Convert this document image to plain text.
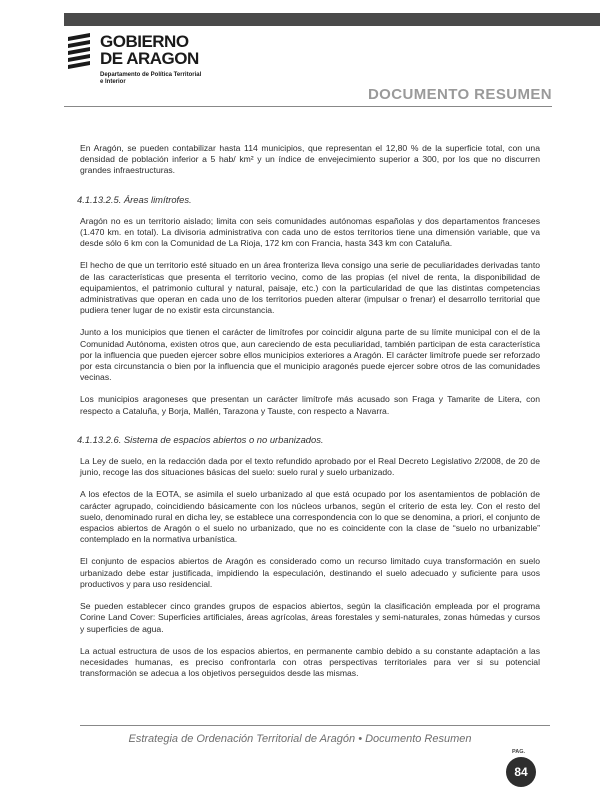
GOBIERNO
DE ARAGON
Departamento de Política Territorial
e Interior
DOCUMENTO RESUMEN

En Aragón, se pueden contabilizar hasta 114 municipios, que representan el 12,80 % de la superficie total, con una densidad de población inferior a 5 hab/ km² y un índice de envejecimiento superior a 300, por los que no discurren grandes infraestructuras.

4.1.13.2.5. Áreas limítrofes.

Aragón no es un territorio aislado; limita con seis comunidades autónomas españolas y dos departamentos franceses (1.470 km. en total). La divisoria administrativa con cada uno de estos territorios tiene una dimensión variable, que va desde sólo 6 km con la Comunidad de La Rioja, 172 km con Francia, hasta 343 km con Cataluña.

El hecho de que un territorio esté situado en un área fronteriza lleva consigo una serie de peculiaridades derivadas tanto de las características que presenta el territorio vecino, como de las propias (el nivel de renta, la disponibilidad de equipamientos, el patrimonio cultural y natural, paisaje, etc.) con la particularidad de que las distintas competencias administrativas que operan en cada uno de los territorios pueden alterar (impulsar o frenar) el desarrollo territorial que pudiera tener lugar de no existir esta circunstancia.

Junto a los municipios que tienen el carácter de limítrofes por coincidir alguna parte de su límite municipal con el de la Comunidad Autónoma, existen otros que, aun careciendo de esta peculiaridad, también participan de esta característica por la influencia que pueden ejercer sobre ellos municipios exteriores a Aragón. El carácter limítrofe puede ser reforzado por esta circunstancia o bien por la influencia que el municipio aragonés puede ejercer sobre otros de las comunidades vecinas.

Los municipios aragoneses que presentan un carácter limítrofe más acusado son Fraga y Tamarite de Litera, con respecto a Cataluña, y Borja, Mallén, Tarazona y Tauste, con respecto a Navarra.

4.1.13.2.6. Sistema de espacios abiertos o no urbanizados.

La Ley de suelo, en la redacción dada por el texto refundido aprobado por el Real Decreto Legislativo 2/2008, de 20 de junio, recoge las dos situaciones básicas del suelo: suelo rural y suelo urbanizado.

A los efectos de la EOTA, se asimila el suelo urbanizado al que está ocupado por los asentamientos de población de carácter agrupado, coincidiendo básicamente con los núcleos urbanos, según el criterio de esta ley. Con el resto del suelo, denominado rural en dicha ley, se establece una correspondencia con lo que se denomina, a priori, el conjunto de espacios abiertos de Aragón o el suelo no urbanizado, que no es coincidente con la clase de “suelo no urbanizable” contemplado en la normativa urbanística.

El conjunto de espacios abiertos de Aragón es considerado como un recurso limitado cuya transformación en suelo urbanizado debe estar justificada, impidiendo la especulación, destinando el suelo adecuado y suficiente para usos productivos y para uso residencial.

Se pueden establecer cinco grandes grupos de espacios abiertos, según la clasificación empleada por el programa Corine Land Cover: Superficies artificiales, áreas agrícolas, áreas forestales y semi-naturales, zonas húmedas y cursos y superficies de agua.

La actual estructura de usos de los espacios abiertos, en permanente cambio debido a su constante adaptación a las necesidades humanas, es preciso confrontarla con otras perspectivas territoriales para ver si su potencial transformación se adecua a los objetivos perseguidos desde las mismas.

Estrategia de Ordenación Territorial de Aragón • Documento Resumen
PAG.
84
